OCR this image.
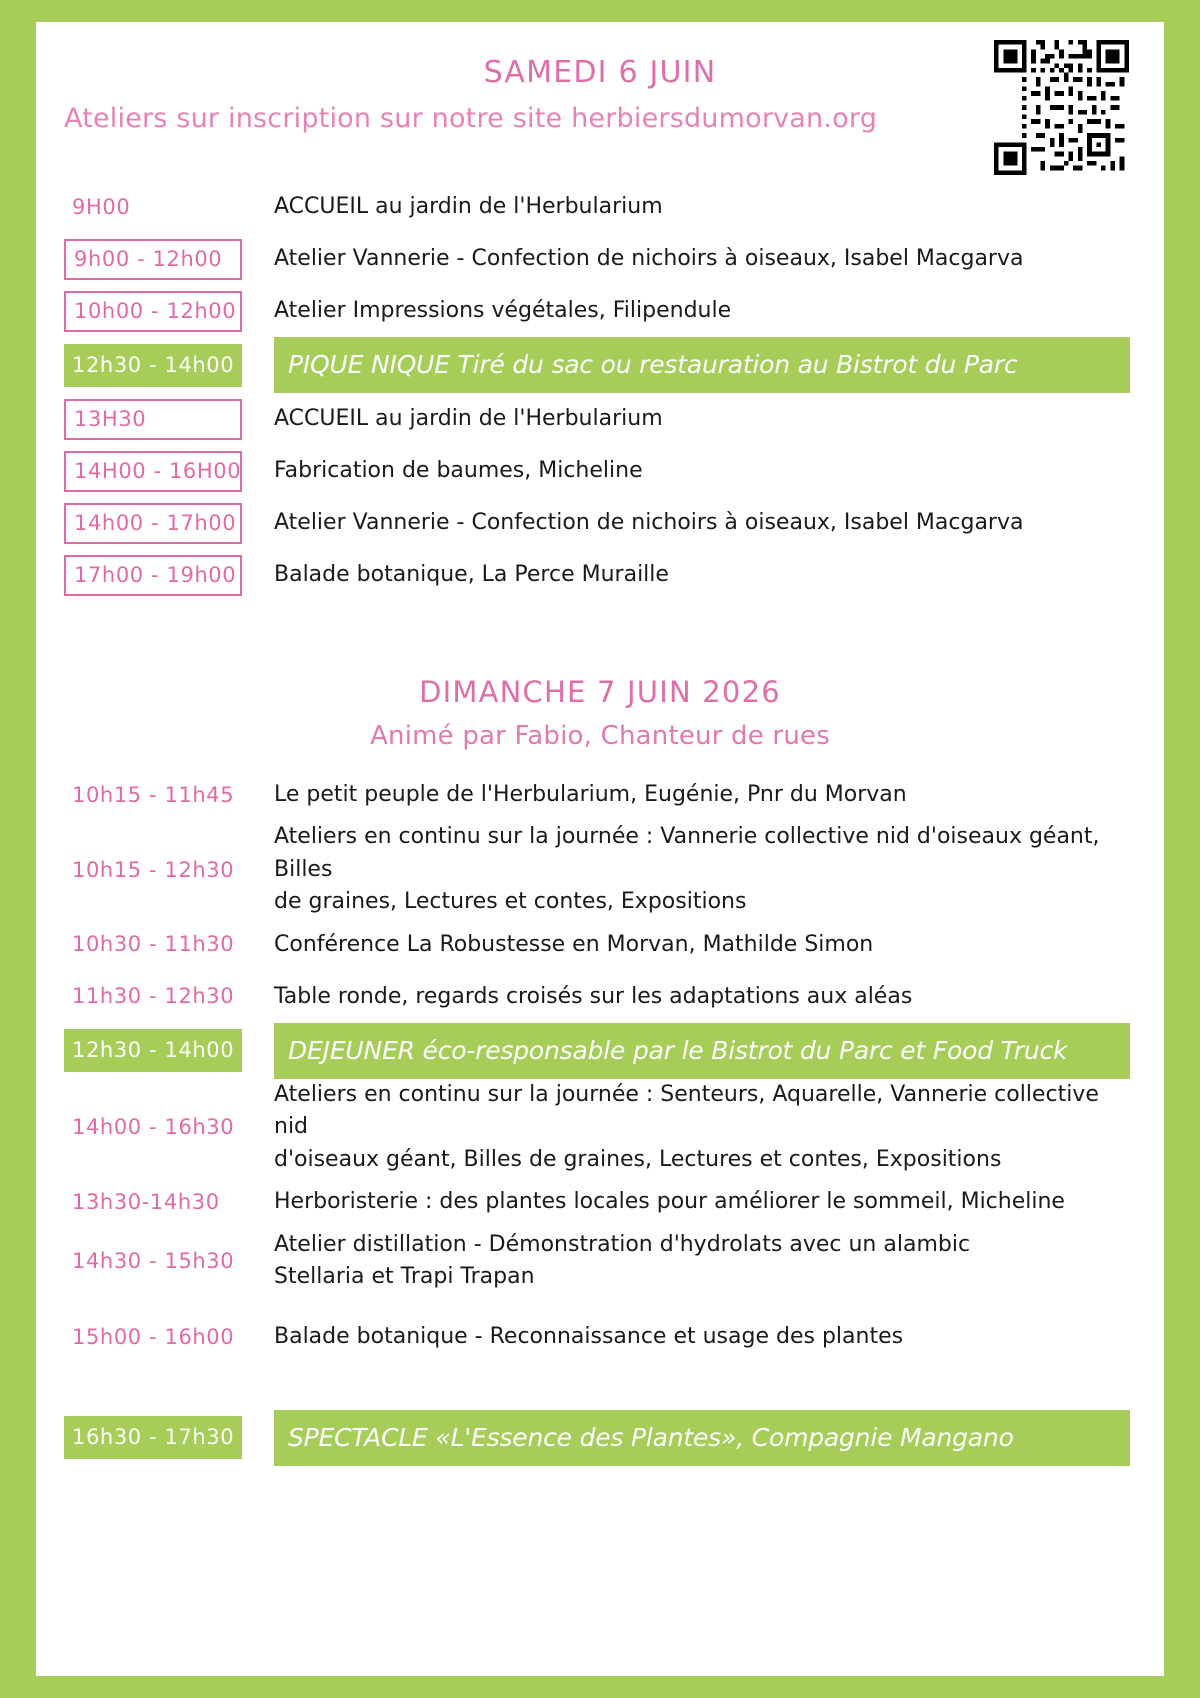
SAMEDI 6 JUIN
Ateliers sur inscription sur notre site herbiersdumorvan.org
9H00	ACCUEIL au jardin de l'Herbularium
9h00 - 12h00	Atelier Vannerie - Confection de nichoirs à oiseaux, Isabel Macgarva
10h00 - 12h00	Atelier Impressions végétales, Filipendule
12h30 - 14h00	PIQUE NIQUE Tiré du sac ou restauration au Bistrot du Parc
13H30	ACCUEIL au jardin de l'Herbularium
14H00 - 16H00	Fabrication de baumes, Micheline
14h00 - 17h00	Atelier Vannerie - Confection de nichoirs à oiseaux, Isabel Macgarva
17h00 - 19h00	Balade botanique, La Perce Muraille
DIMANCHE 7 JUIN 2026
Animé par Fabio, Chanteur de rues
10h15 - 11h45	Le petit peuple de l'Herbularium, Eugénie, Pnr du Morvan
10h15 - 12h30
Ateliers en continu sur la journée : Vannerie collective nid d'oiseaux géant, Billes
de graines, Lectures et contes, Expositions
10h30 - 11h30	Conférence La Robustesse en Morvan, Mathilde Simon
11h30 - 12h30	Table ronde, regards croisés sur les adaptations aux aléas
12h30 - 14h00	DEJEUNER éco-responsable par le Bistrot du Parc et Food Truck
14h00 - 16h30
Ateliers en continu sur la journée : Senteurs, Aquarelle, Vannerie collective nid
d'oiseaux géant, Billes de graines, Lectures et contes, Expositions
13h30-14h30	Herboristerie : des plantes locales pour améliorer le sommeil, Micheline
14h30 - 15h30
Atelier distillation - Démonstration d'hydrolats avec un alambic
Stellaria et Trapi Trapan
15h00 - 16h00	Balade botanique - Reconnaissance et usage des plantes
16h30 - 17h30	SPECTACLE «L'Essence des Plantes», Compagnie Mangano
